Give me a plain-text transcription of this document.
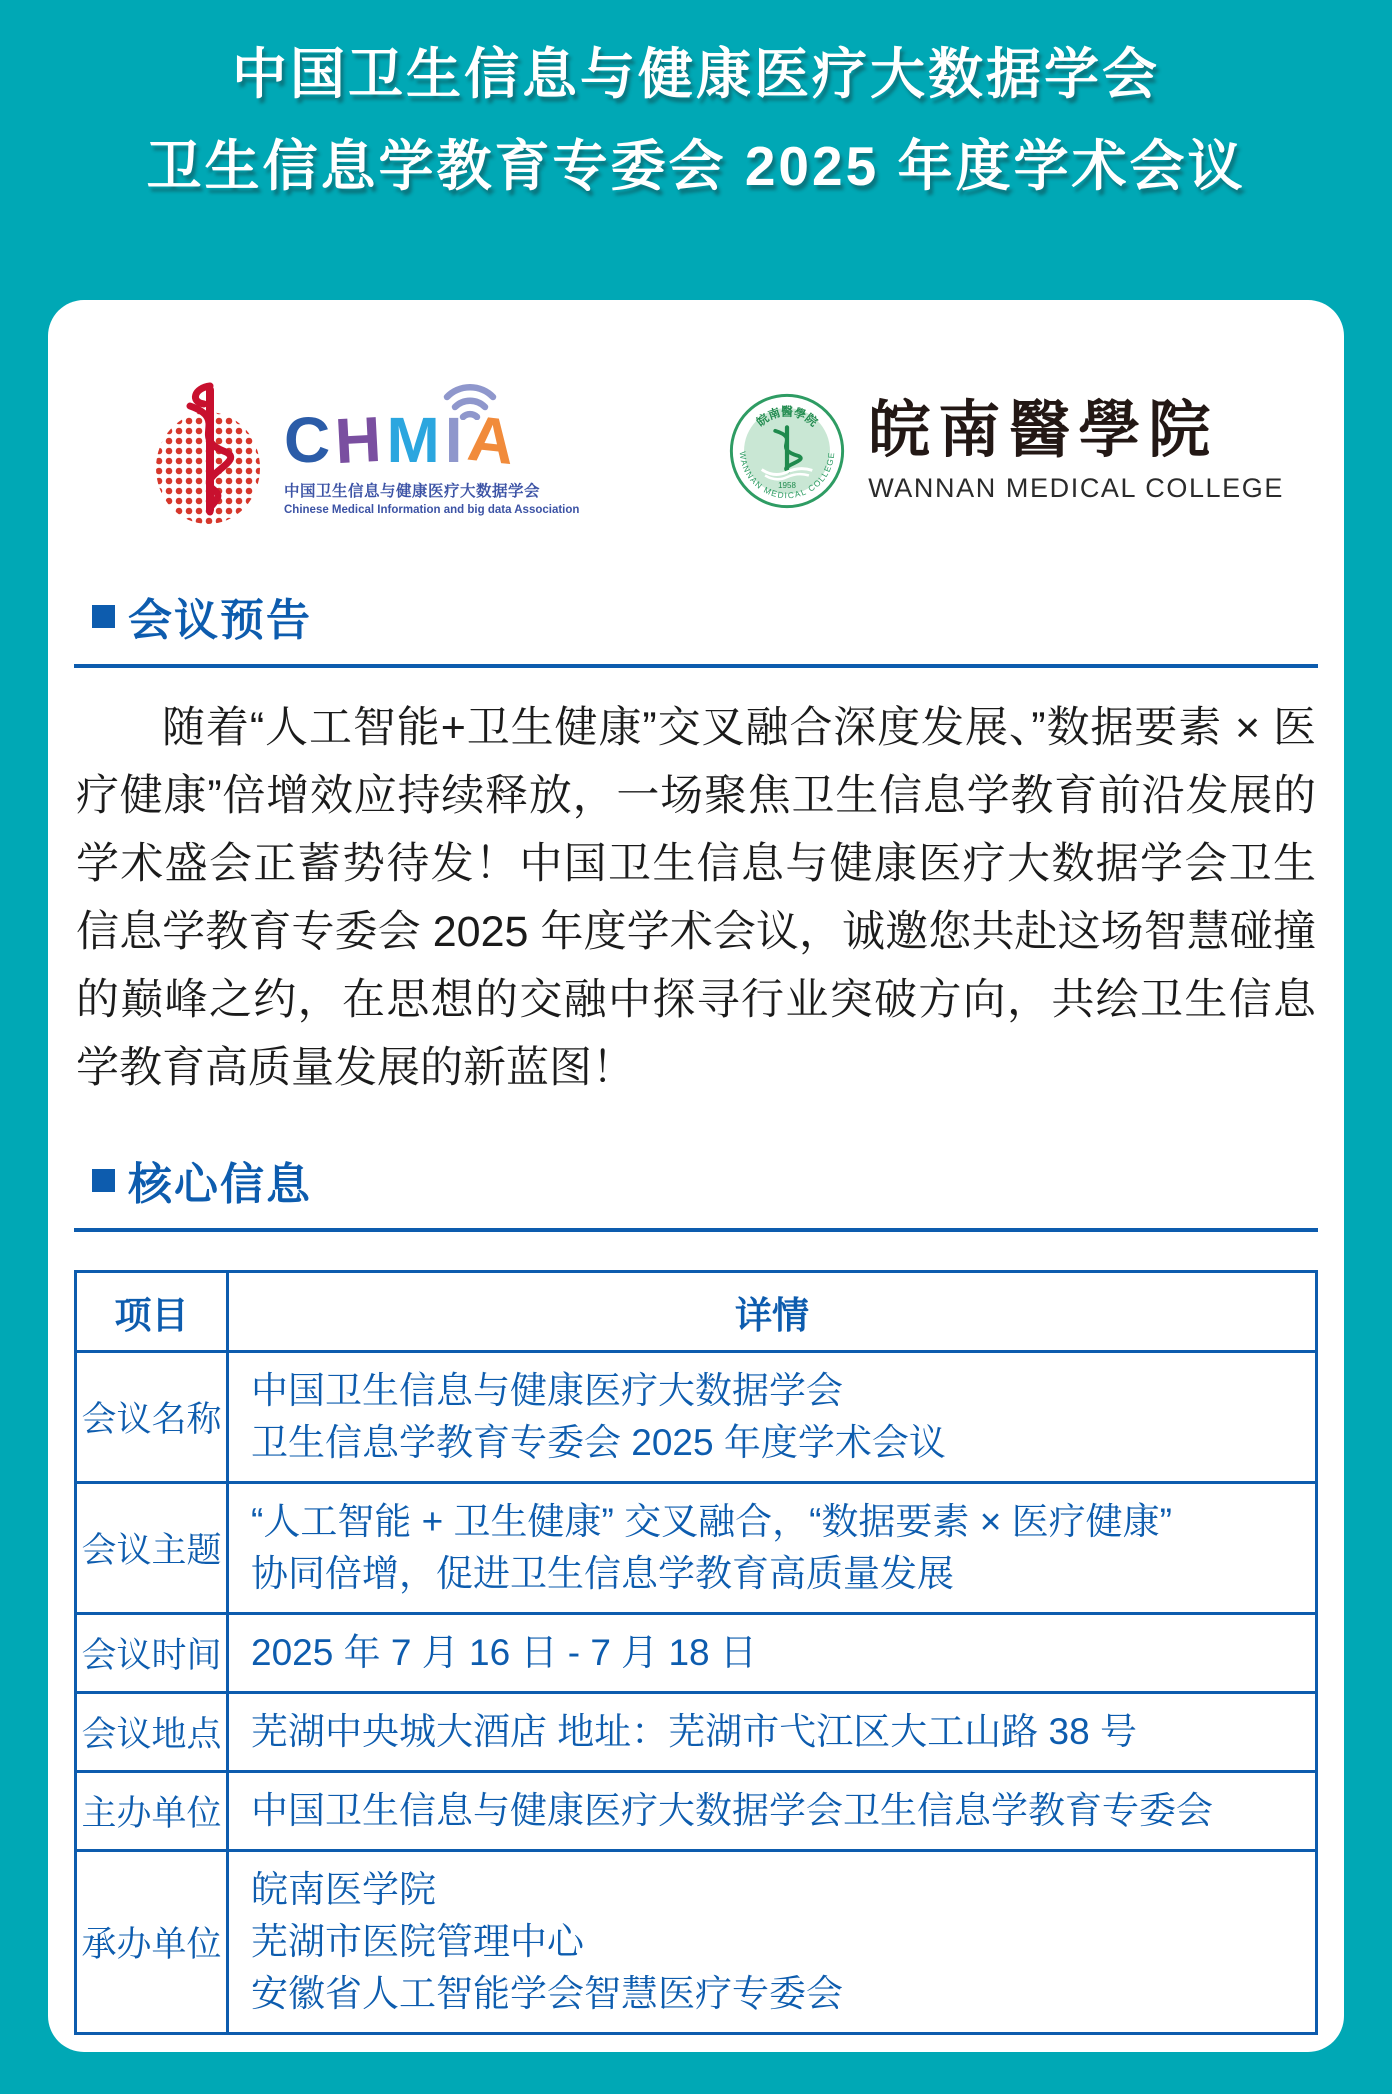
中国卫生信息与健康医疗大数据学会
卫生信息学教育专委会 2025 年度学术会议
CHMIA
中国卫生信息与健康医疗大数据学会
Chinese Medical Information and big data Association
皖南醫學院
1958
WANNAN MEDICAL COLLEGE 皖南醫學院
WANNAN MEDICAL COLLEGE
会议预告

随着“人工智能+卫生健康”交叉融合深度发展、”数据要素 × 医疗健康”倍增效应持续释放，一场聚焦卫生信息学教育前沿发展的学术盛会正蓄势待发！中国卫生信息与健康医疗大数据学会卫生信息学教育专委会 2025 年度学术会议，诚邀您共赴这场智慧碰撞的巅峰之约，在思想的交融中探寻行业突破方向，共绘卫生信息学教育高质量发展的新蓝图！

核心信息
项目	详情
会议名称	中国卫生信息与健康医疗大数据学会
卫生信息学教育专委会 2025 年度学术会议
会议主题	“人工智能 + 卫生健康” 交叉融合，“数据要素 × 医疗健康”
协同倍增，促进卫生信息学教育高质量发展
会议时间	2025 年 7 月 16 日 - 7 月 18 日
会议地点	芜湖中央城大酒店 地址：芜湖市弋江区大工山路 38 号
主办单位	中国卫生信息与健康医疗大数据学会卫生信息学教育专委会
承办单位	皖南医学院
芜湖市医院管理中心
安徽省人工智能学会智慧医疗专委会
